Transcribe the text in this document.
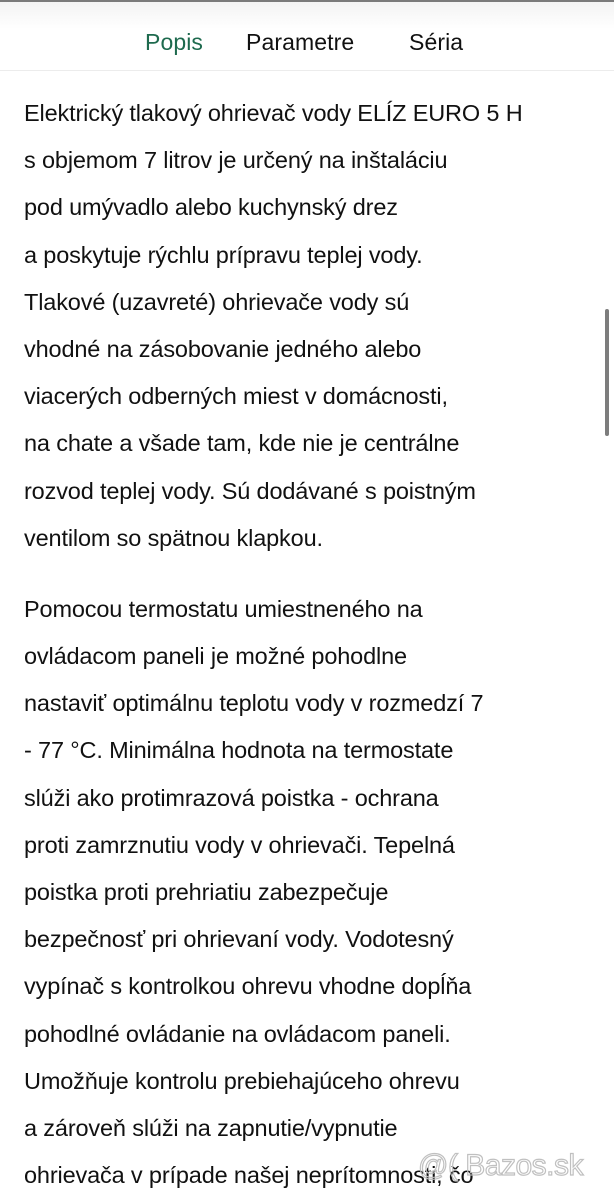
Popis Parametre Séria
Elektrický tlakový ohrievač vody ELÍZ EURO 5 H
s objemom 7 litrov je určený na inštaláciu
pod umývadlo alebo kuchynský drez
a poskytuje rýchlu prípravu teplej vody.
Tlakové (uzavreté) ohrievače vody sú
vhodné na zásobovanie jedného alebo
viacerých odberných miest v domácnosti,
na chate a všade tam, kde nie je centrálne
rozvod teplej vody. Sú dodávané s poistným
ventilom so spätnou klapkou.
Pomocou termostatu umiestneného na
ovládacom paneli je možné pohodlne
nastaviť optimálnu teplotu vody v rozmedzí 7
- 77 °C. Minimálna hodnota na termostate
slúži ako protimrazová poistka - ochrana
proti zamrznutiu vody v ohrievači. Tepelná
poistka proti prehriatiu zabezpečuje
bezpečnosť pri ohrievaní vody. Vodotesný
vypínač s kontrolkou ohrevu vhodne dopĺňa
pohodlné ovládanie na ovládacom paneli.
Umožňuje kontrolu prebiehajúceho ohrevu
a zároveň slúži na zapnutie/vypnutie
ohrievača v prípade našej neprítomnosti, čo
@( Bazos.sk
